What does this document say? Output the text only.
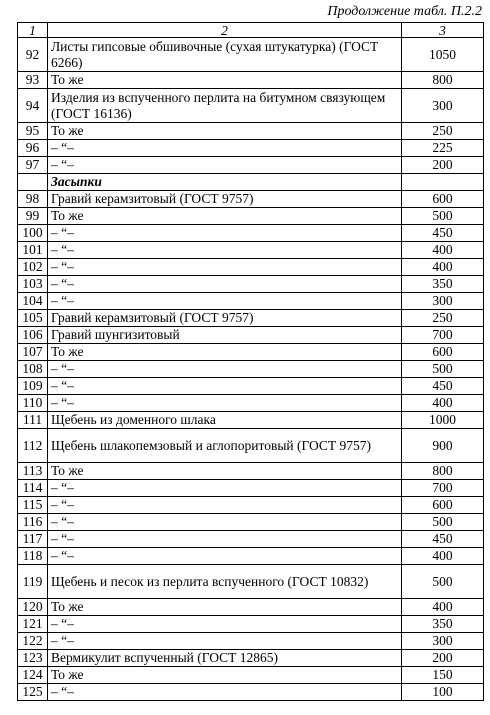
Продолжение табл. П.2.2
1	2	3
92	Листы гипсовые обшивочные (сухая штукатурка) (ГОСТ 6266)	1050
93	То же	800
94	Изделия из вспученного перлита на битумном связующем (ГОСТ 16136)	300
95	То же	250
96	– “–	225
97	– “–	200
	Засыпки	
98	Гравий керамзитовый (ГОСТ 9757)	600
99	То же	500
100	– “–	450
101	– “–	400
102	– “–	400
103	– “–	350
104	– “–	300
105	Гравий керамзитовый (ГОСТ 9757)	250
106	Гравий шунгизитовый	700
107	То же	600
108	– “–	500
109	– “–	450
110	– “–	400
111	Щебень из доменного шлака	1000
112	Щебень шлакопемзовый и аглопоритовый (ГОСТ 9757)	900
113	То же	800
114	– “–	700
115	– “–	600
116	– “–	500
117	– “–	450
118	– “–	400
119	Щебень и песок из перлита вспученного (ГОСТ 10832)	500
120	То же	400
121	– “–	350
122	– “–	300
123	Вермикулит вспученный (ГОСТ 12865)	200
124	То же	150
125	– “–	100
